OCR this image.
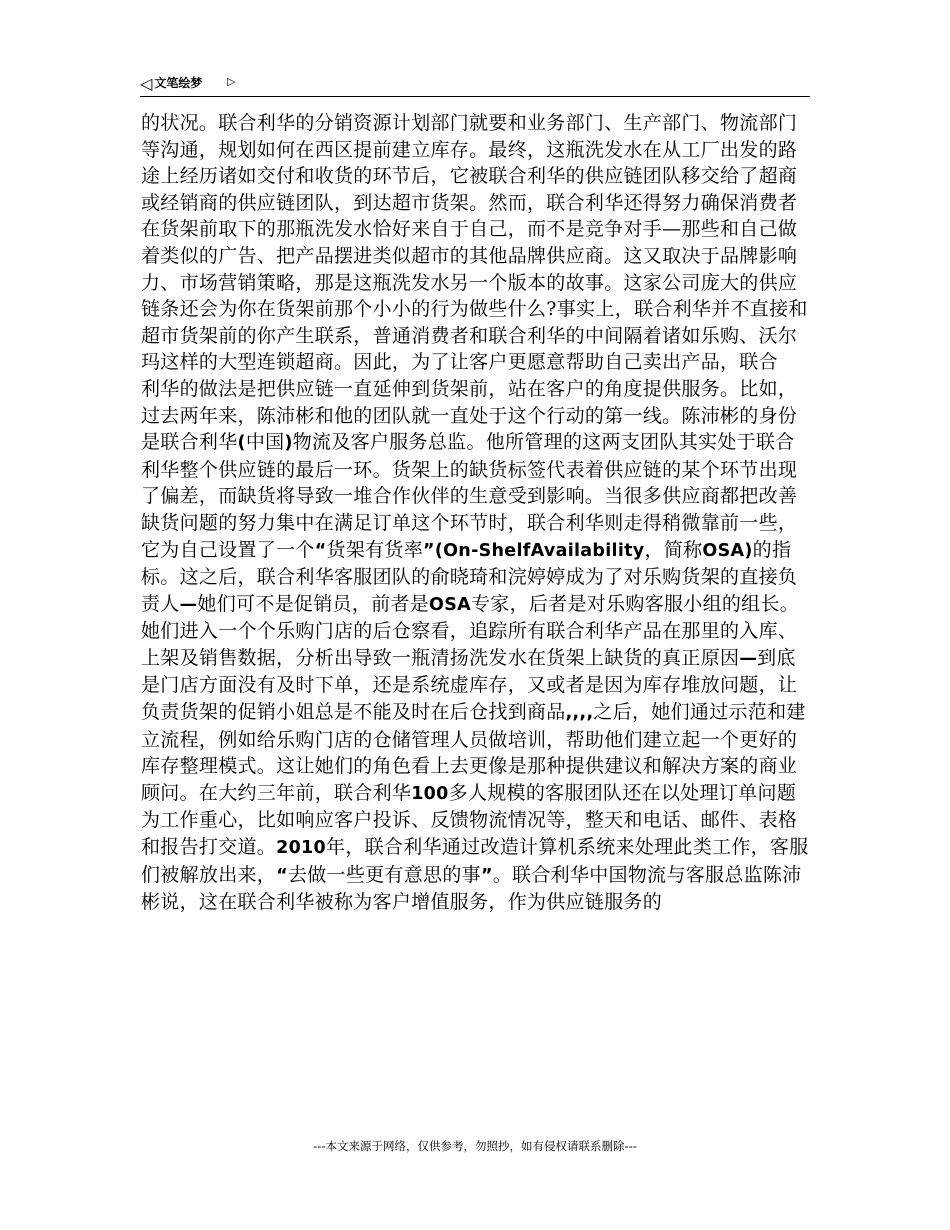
◁ 文笔绘梦 ▷

的状况。联合利华的分销资源计划部门就要和业务部门、生产部门、物流部门等沟通，规划如何在西区提前建立库存。最终，这瓶洗发水在从工厂出发的路途上经历诸如交付和收货的环节后，它被联合利华的供应链团队移交给了超商或经销商的供应链团队，到达超市货架。然而，联合利华还得努力确保消费者在货架前取下的那瓶洗发水恰好来自于自己，而不是竞争对手—那些和自己做着类似的广告、把产品摆进类似超市的其他品牌供应商。这又取决于品牌影响力、市场营销策略，那是这瓶洗发水另一个版本的故事。这家公司庞大的供应链条还会为你在货架前那个小小的行为做些什么?事实上，联合利华并不直接和超市货架前的你产生联系，普通消费者和联合利华的中间隔着诸如乐购、沃尔玛这样的大型连锁超商。因此，为了让客户更愿意帮助自己卖出产品，联合

利华的做法是把供应链一直延伸到货架前，站在客户的角度提供服务。比如，过去两年来，陈沛彬和他的团队就一直处于这个行动的第一线。陈沛彬的身份是联合利华(中国)物流及客户服务总监。他所管理的这两支团队其实处于联合利华整个供应链的最后一环。货架上的缺货标签代表着供应链的某个环节出现了偏差，而缺货将导致一堆合作伙伴的生意受到影响。当很多供应商都把改善缺货问题的努力集中在满足订单这个环节时，联合利华则走得稍微靠前一些，它为自己设置了一个“货架有货率”(On-ShelfAvailability，简称OSA)的指标。这之后，联合利华客服团队的俞晓琦和浣婷婷成为了对乐购货架的直接负责人—她们可不是促销员，前者是OSA专家，后者是对乐购客服小组的组长。她们进入一个个乐购门店的后仓察看，追踪所有联合利华产品在那里的入库、上架及销售数据，分析出导致一瓶清扬洗发水在货架上缺货的真正原因—到底是门店方面没有及时下单，还是系统虚库存，又或者是因为库存堆放问题，让负责货架的促销小姐总是不能及时在后仓找到商品,,,,之后，她们通过示范和建立流程，例如给乐购门店的仓储管理人员做培训，帮助他们建立起一个更好的库存整理模式。这让她们的角色看上去更像是那种提供建议和解决方案的商业顾问。在大约三年前，联合利华100多人规模的客服团队还在以处理订单问题为工作重心，比如响应客户投诉、反馈物流情况等，整天和电话、邮件、表格和报告打交道。2010年，联合利华通过改造计算机系统来处理此类工作，客服们被解放出来，“去做一些更有意思的事”。联合利华中国物流与客服总监陈沛彬说，这在联合利华被称为客户增值服务，作为供应链服务的

---本文来源于网络，仅供参考，勿照抄，如有侵权请联系删除---
